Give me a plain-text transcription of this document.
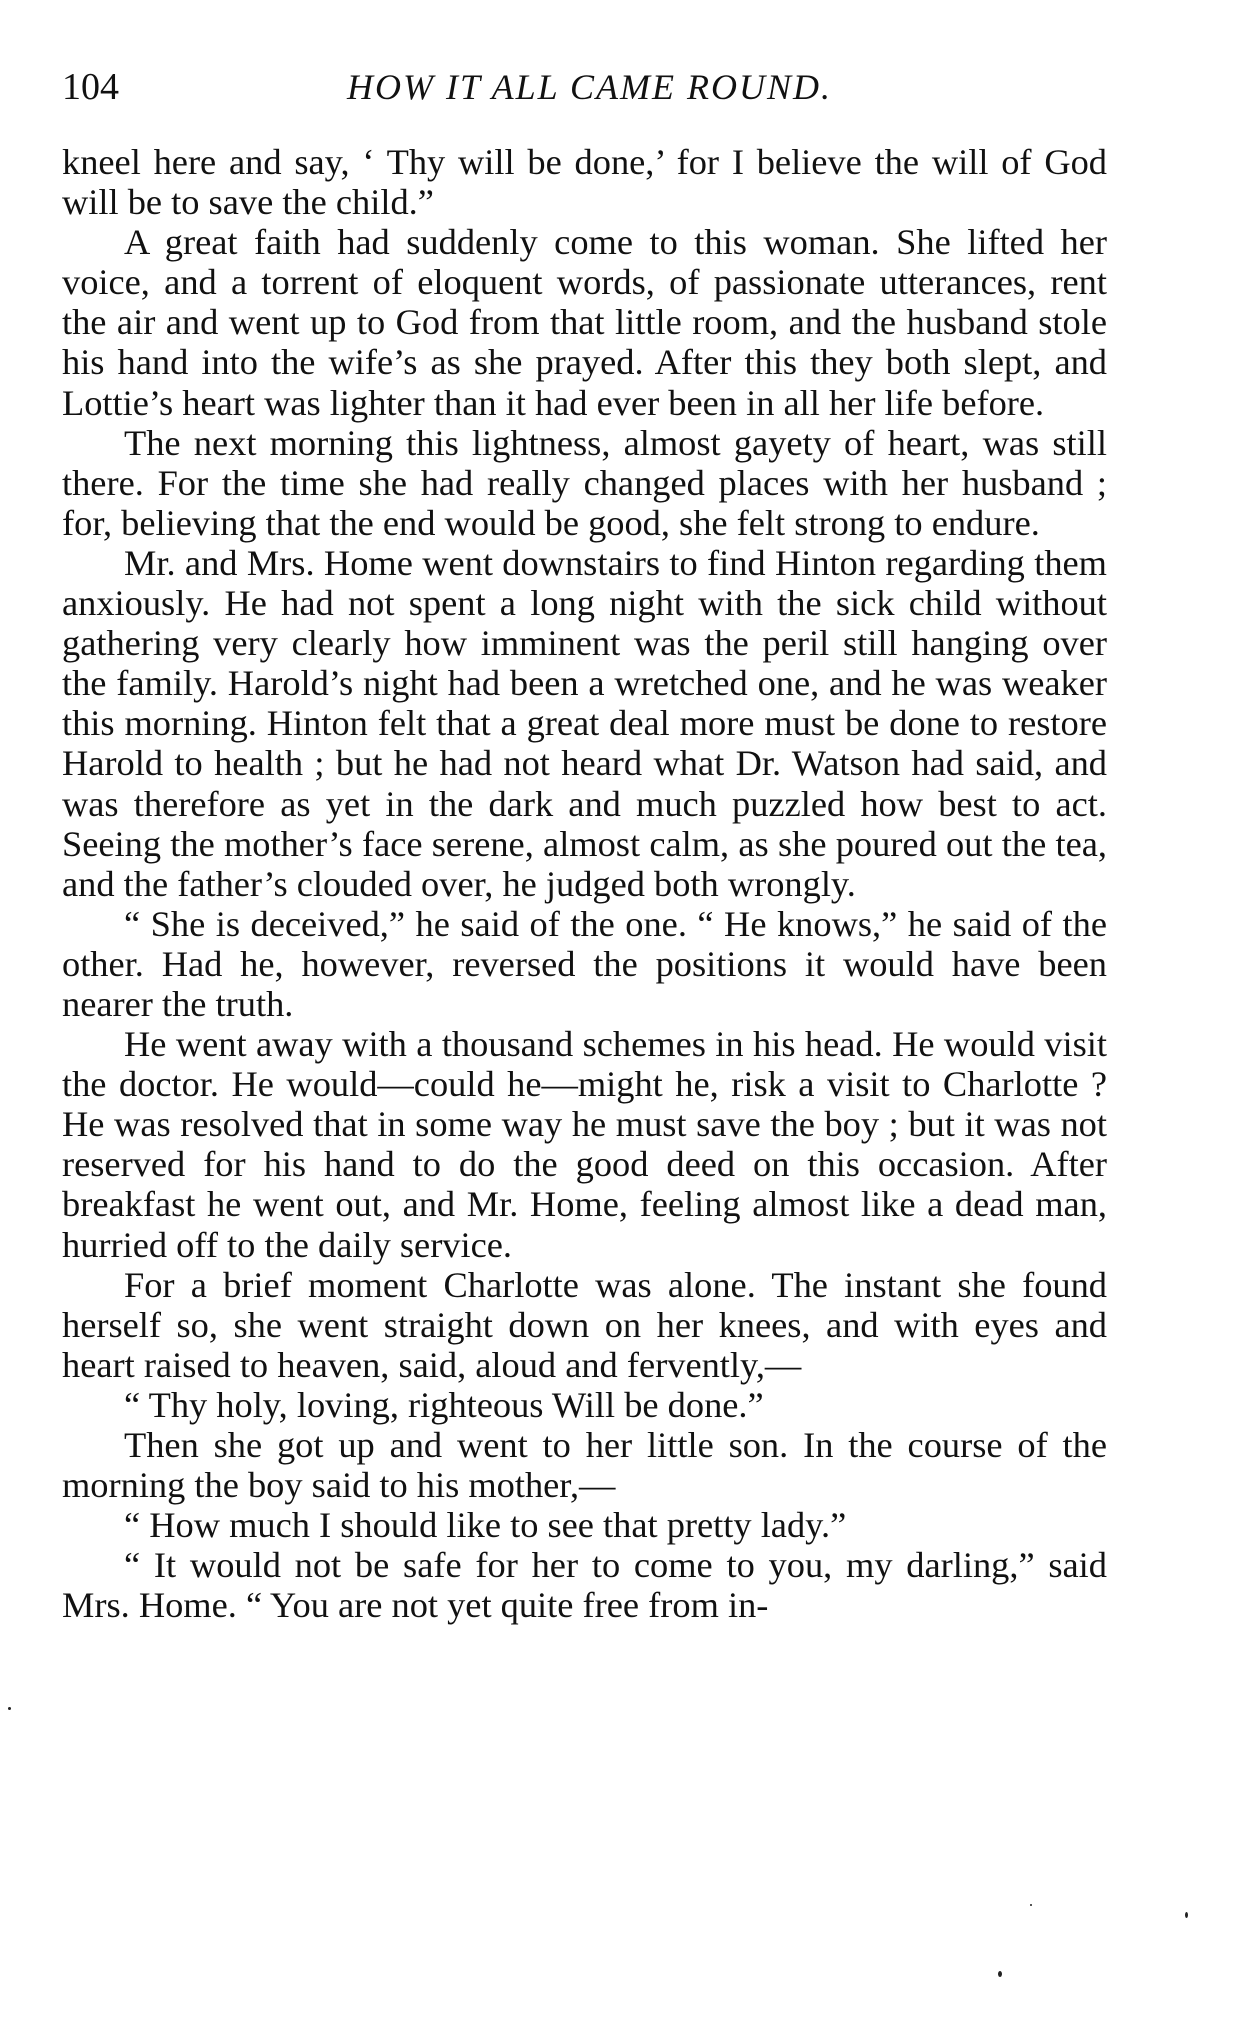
104	HOW IT ALL CAME ROUND.

kneel here and say, ‘ Thy will be done,’ for I believe the will of God will be to save the child.”

A great faith had suddenly come to this woman. She lifted her voice, and a torrent of eloquent words, of passionate utterances, rent the air and went up to God from that little room, and the husband stole his hand into the wife’s as she prayed. After this they both slept, and Lottie’s heart was lighter than it had ever been in all her life before.

The next morning this lightness, almost gayety of heart, was still there. For the time she had really changed places with her husband ; for, believing that the end would be good, she felt strong to endure.

Mr. and Mrs. Home went downstairs to find Hinton regarding them anxiously. He had not spent a long night with the sick child without gathering very clearly how imminent was the peril still hanging over the family. Harold’s night had been a wretched one, and he was weaker this morning. Hinton felt that a great deal more must be done to restore Harold to health ; but he had not heard what Dr. Watson had said, and was therefore as yet in the dark and much puzzled how best to act. Seeing the mother’s face serene, almost calm, as she poured out the tea, and the father’s clouded over, he judged both wrongly.

“ She is deceived,” he said of the one. “ He knows,” he said of the other. Had he, however, reversed the positions it would have been nearer the truth.

He went away with a thousand schemes in his head. He would visit the doctor. He would—could he—might he, risk a visit to Charlotte ? He was resolved that in some way he must save the boy ; but it was not reserved for his hand to do the good deed on this occasion. After breakfast he went out, and Mr. Home, feeling almost like a dead man, hurried off to the daily service.

For a brief moment Charlotte was alone. The instant she found herself so, she went straight down on her knees, and with eyes and heart raised to heaven, said, aloud and fervently,—

“ Thy holy, loving, righteous Will be done.”

Then she got up and went to her little son. In the course of the morning the boy said to his mother,—

“ How much I should like to see that pretty lady.”

“ It would not be safe for her to come to you, my darling,” said Mrs. Home. “ You are not yet quite free from in-
